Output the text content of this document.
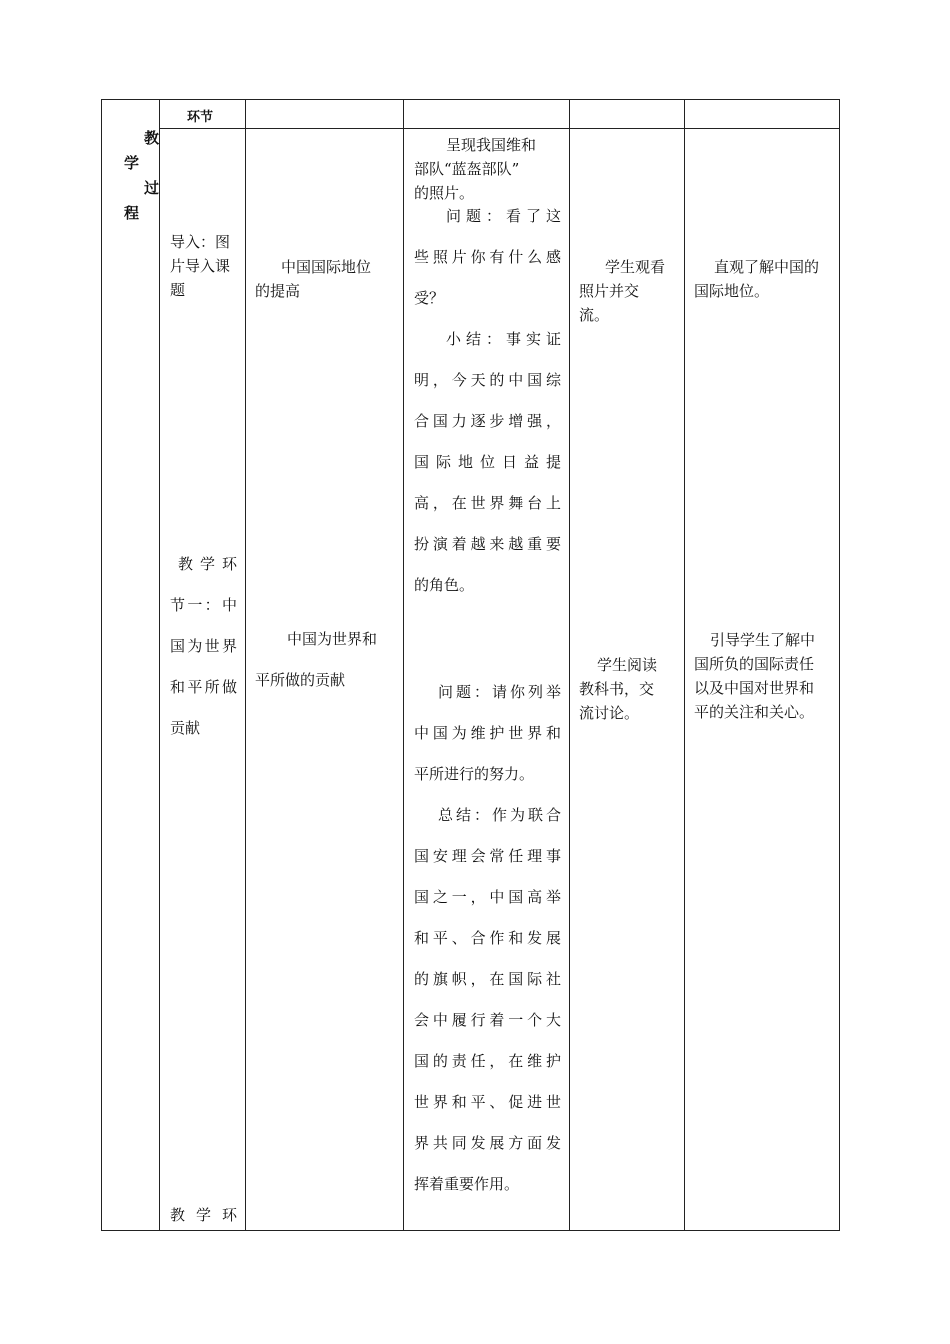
教
学
过
程
环节
导入：图
片导入课
题
中国国际地位
的提高
呈现我国维和
部队“蓝盔部队”
的照片。
问题：看了这
些照片你有什么感
受？
小结：事实证
明，今天的中国综
合国力逐步增强，
国际地位日益提
高，在世界舞台上
扮演着越来越重要
的角色。
学生观看
照片并交
流。
直观了解中国的
国际地位。
教学环
节一：中
国为世界
和平所做
贡献
中国为世界和
平所做的贡献
问题：请你列举
中国为维护世界和
平所进行的努力。
总结：作为联合
国安理会常任理事
国之一，中国高举
和平、合作和发展
的旗帜，在国际社
会中履行着一个大
国的责任，在维护
世界和平、促进世
界共同发展方面发
挥着重要作用。
学生阅读
教科书，交
流讨论。
引导学生了解中
国所负的国际责任
以及中国对世界和
平的关注和关心。
教学环
